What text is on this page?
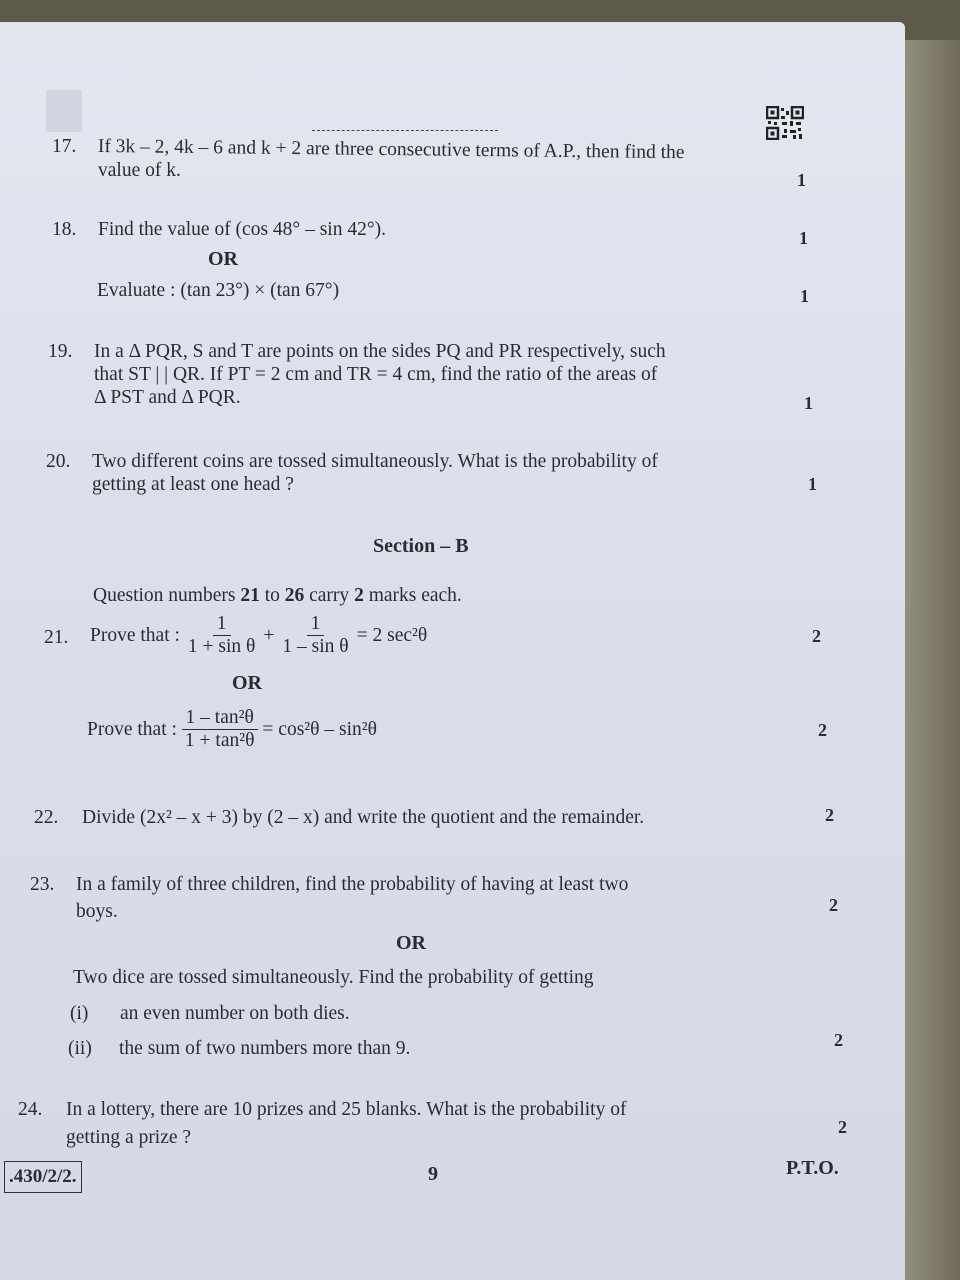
17. If 3k – 2, 4k – 6 and k + 2 are three consecutive terms of A.P., then find the
value of k.	1
18. Find the value of (cos 48° – sin 42°).	1
OR
Evaluate : (tan 23°) × (tan 67°)	1
19. In a Δ PQR, S and T are points on the sides PQ and PR respectively, such
that ST | | QR. If PT = 2 cm and TR = 4 cm, find the ratio of the areas of
Δ PST and Δ PQR.	1
20. Two different coins are tossed simultaneously. What is the probability of
getting at least one head ?	1
Section – B
Question numbers 21 to 26 carry 2 marks each.
21. Prove that : $\frac{1}{\text{1 + sin θ}} + \frac{1}{\text{1 – sin θ}} = 2$ sec²θ	2
OR
Prove that : $\frac{\text{1 – tan²θ}}{\text{1 + tan²θ}} = \cos^2\theta - \sin^2\theta$	2
22. Divide (2x² – x + 3) by (2 – x) and write the quotient and the remainder.	2
23. In a family of three children, find the probability of having at least two
boys.	2
OR
Two dice are tossed simultaneously. Find the probability of getting
(i) an even number on both dies.
(ii) the sum of two numbers more than 9.	2
24. In a lottery, there are 10 prizes and 25 blanks. What is the probability of
getting a prize ?	2
.430/2/2.	9	P.T.O.
